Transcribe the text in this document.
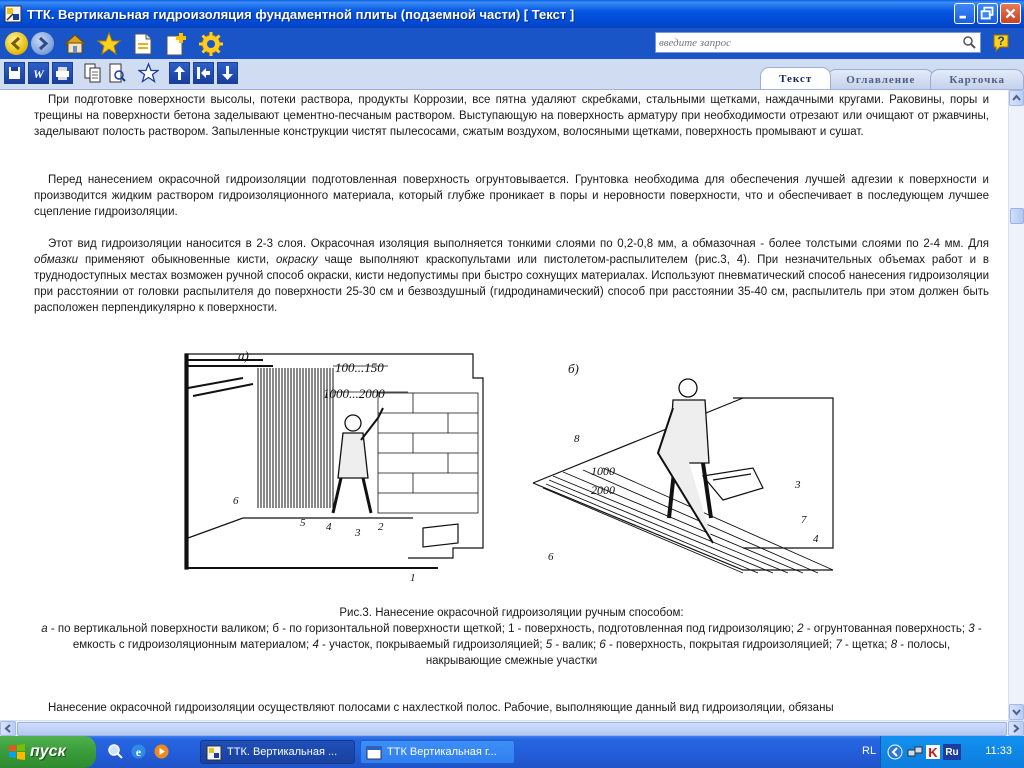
ТТК. Вертикальная гидроизоляция фундаментной плиты (подземной части) [ Текст ]
введите запрос
?
W	Текст	Оглавление	Карточка

При подготовке поверхности высолы, потеки раствора, продукты Коррозии, все пятна удаляют скребками, стальными щетками, наждачными кругами. Раковины, поры и трещины на поверхности бетона заделывают цементно-песчаным раствором. Выступающую на поверхность арматуру при необходимости отрезают или очищают от ржавчины, заделывают полость раствором. Запыленные конструкции чистят пылесосами, сжатым воздухом, волосяными щетками, поверхность промывают и сушат.

Перед нанесением окрасочной гидроизоляции подготовленная поверхность огрунтовывается. Грунтовка необходима для обеспечения лучшей адгезии к поверхности и производится жидким раствором гидроизоляционного материала, который глубже проникает в поры и неровности поверхности, что и обеспечивает в последующем лучшее сцепление гидроизоляции.

Этот вид гидроизоляции наносится в 2-3 слоя. Окрасочная изоляция выполняется тонкими слоями по 0,2-0,8 мм, а обмазочная - более толстыми слоями по 2-4 мм. Для обмазки применяют обыкновенные кисти, окраску чаще выполняют краскопультами или пистолетом-распылителем (рис.3, 4). При незначительных объемах работ и в труднодоступных местах возможен ручной способ окраски, кисти недопустимы при быстро сохнущих материалах. Используют пневматический способ нанесения гидроизоляции при расстоянии от головки распылителя до поверхности 25-30 см и безвоздушный (гидродинамический) способ при расстоянии 35-40 см, распылитель при этом должен быть расположен перпендикулярно к поверхности.

а)
100...150
1000...2000
6
5 4 3 2
1
б)
1000
2000
8
6
3
7
4
Рис.3. Нанесение окрасочной гидроизоляции ручным способом:
а - по вертикальной поверхности валиком; б - по горизонтальной поверхности щеткой; 1 - поверхность, подготовленная под гидроизоляцию; 2 - огрунтованная поверхность; 3 - емкость с гидроизоляционным материалом; 4 - участок, покрываемый гидроизоляцией; 5 - валик; 6 - поверхность, покрытая гидроизоляцией; 7 - щетка; 8 - полосы, накрывающие смежные участки

Нанесение окрасочной гидроизоляции осуществляют полосами с нахлесткой полос. Рабочие, выполняющие данный вид гидроизоляции, обязаны

пуск	e	ТТК. Вертикальная ...	ТТК Вертикальная г...	RL	K Ru 11:33
